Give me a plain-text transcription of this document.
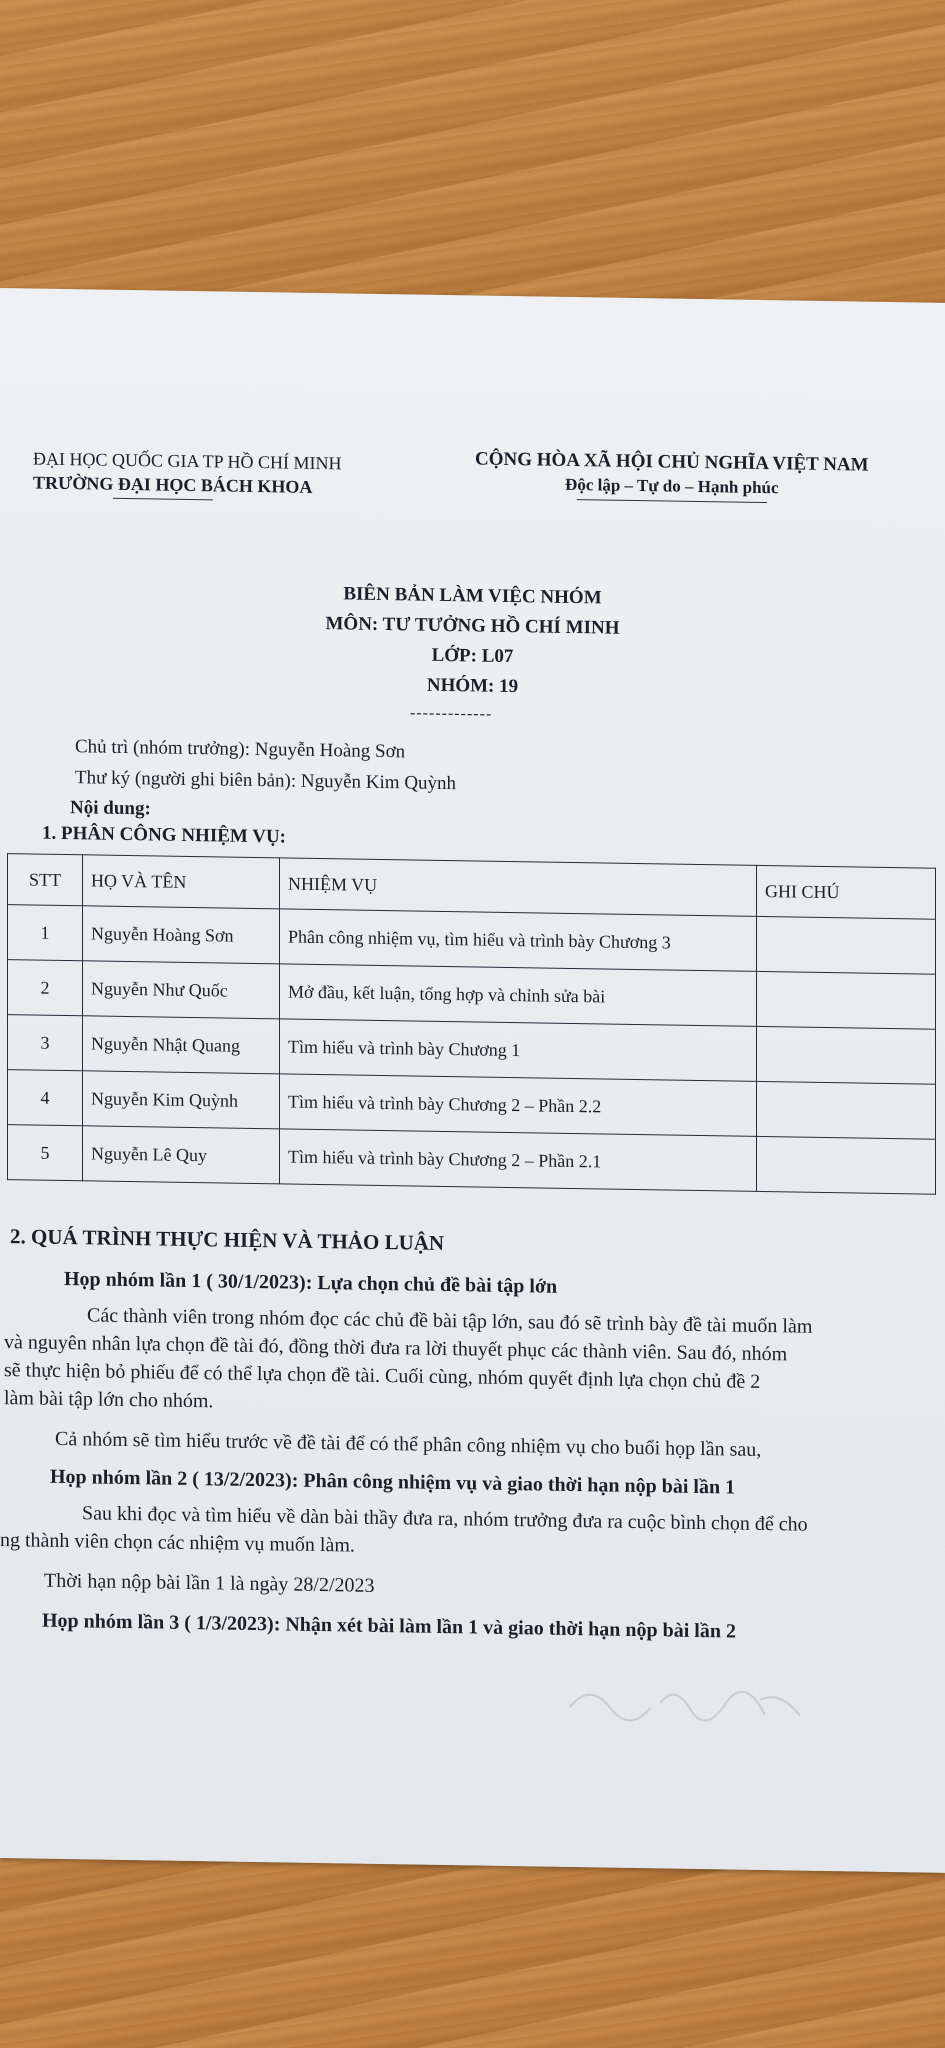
ĐẠI HỌC QUỐC GIA TP HỒ CHÍ MINH
TRƯỜNG ĐẠI HỌC BÁCH KHOA
CỘNG HÒA XÃ HỘI CHỦ NGHĨA VIỆT NAM
Độc lập – Tự do – Hạnh phúc
BIÊN BẢN LÀM VIỆC NHÓM
MÔN: TƯ TƯỞNG HỒ CHÍ MINH
LỚP: L07
NHÓM: 19
-------------
Chủ trì (nhóm trưởng): Nguyễn Hoàng Sơn
Thư ký (người ghi biên bản): Nguyễn Kim Quỳnh
Nội dung:
1. PHÂN CÔNG NHIỆM VỤ:
STT	HỌ VÀ TÊN	NHIỆM VỤ	GHI CHÚ
1	Nguyễn Hoàng Sơn	Phân công nhiệm vụ, tìm hiểu và trình bày Chương 3	
2	Nguyễn Như Quốc	Mở đầu, kết luận, tổng hợp và chỉnh sửa bài	
3	Nguyễn Nhật Quang	Tìm hiểu và trình bày Chương 1	
4	Nguyễn Kim Quỳnh	Tìm hiểu và trình bày Chương 2 – Phần 2.2	
5	Nguyễn Lê Quy	Tìm hiểu và trình bày Chương 2 – Phần 2.1	
2. QUÁ TRÌNH THỰC HIỆN VÀ THẢO LUẬN
Họp nhóm lần 1 ( 30/1/2023): Lựa chọn chủ đề bài tập lớn
Các thành viên trong nhóm đọc các chủ đề bài tập lớn, sau đó sẽ trình bày đề tài muốn làm
và nguyên nhân lựa chọn đề tài đó, đồng thời đưa ra lời thuyết phục các thành viên. Sau đó, nhóm
sẽ thực hiện bỏ phiếu để có thể lựa chọn đề tài. Cuối cùng, nhóm quyết định lựa chọn chủ đề 2
làm bài tập lớn cho nhóm.
Cả nhóm sẽ tìm hiểu trước về đề tài để có thể phân công nhiệm vụ cho buổi họp lần sau,
Họp nhóm lần 2 ( 13/2/2023): Phân công nhiệm vụ và giao thời hạn nộp bài lần 1
Sau khi đọc và tìm hiểu về dàn bài thầy đưa ra, nhóm trưởng đưa ra cuộc bình chọn để cho
ng thành viên chọn các nhiệm vụ muốn làm.
Thời hạn nộp bài lần 1 là ngày 28/2/2023
Họp nhóm lần 3 ( 1/3/2023): Nhận xét bài làm lần 1 và giao thời hạn nộp bài lần 2
